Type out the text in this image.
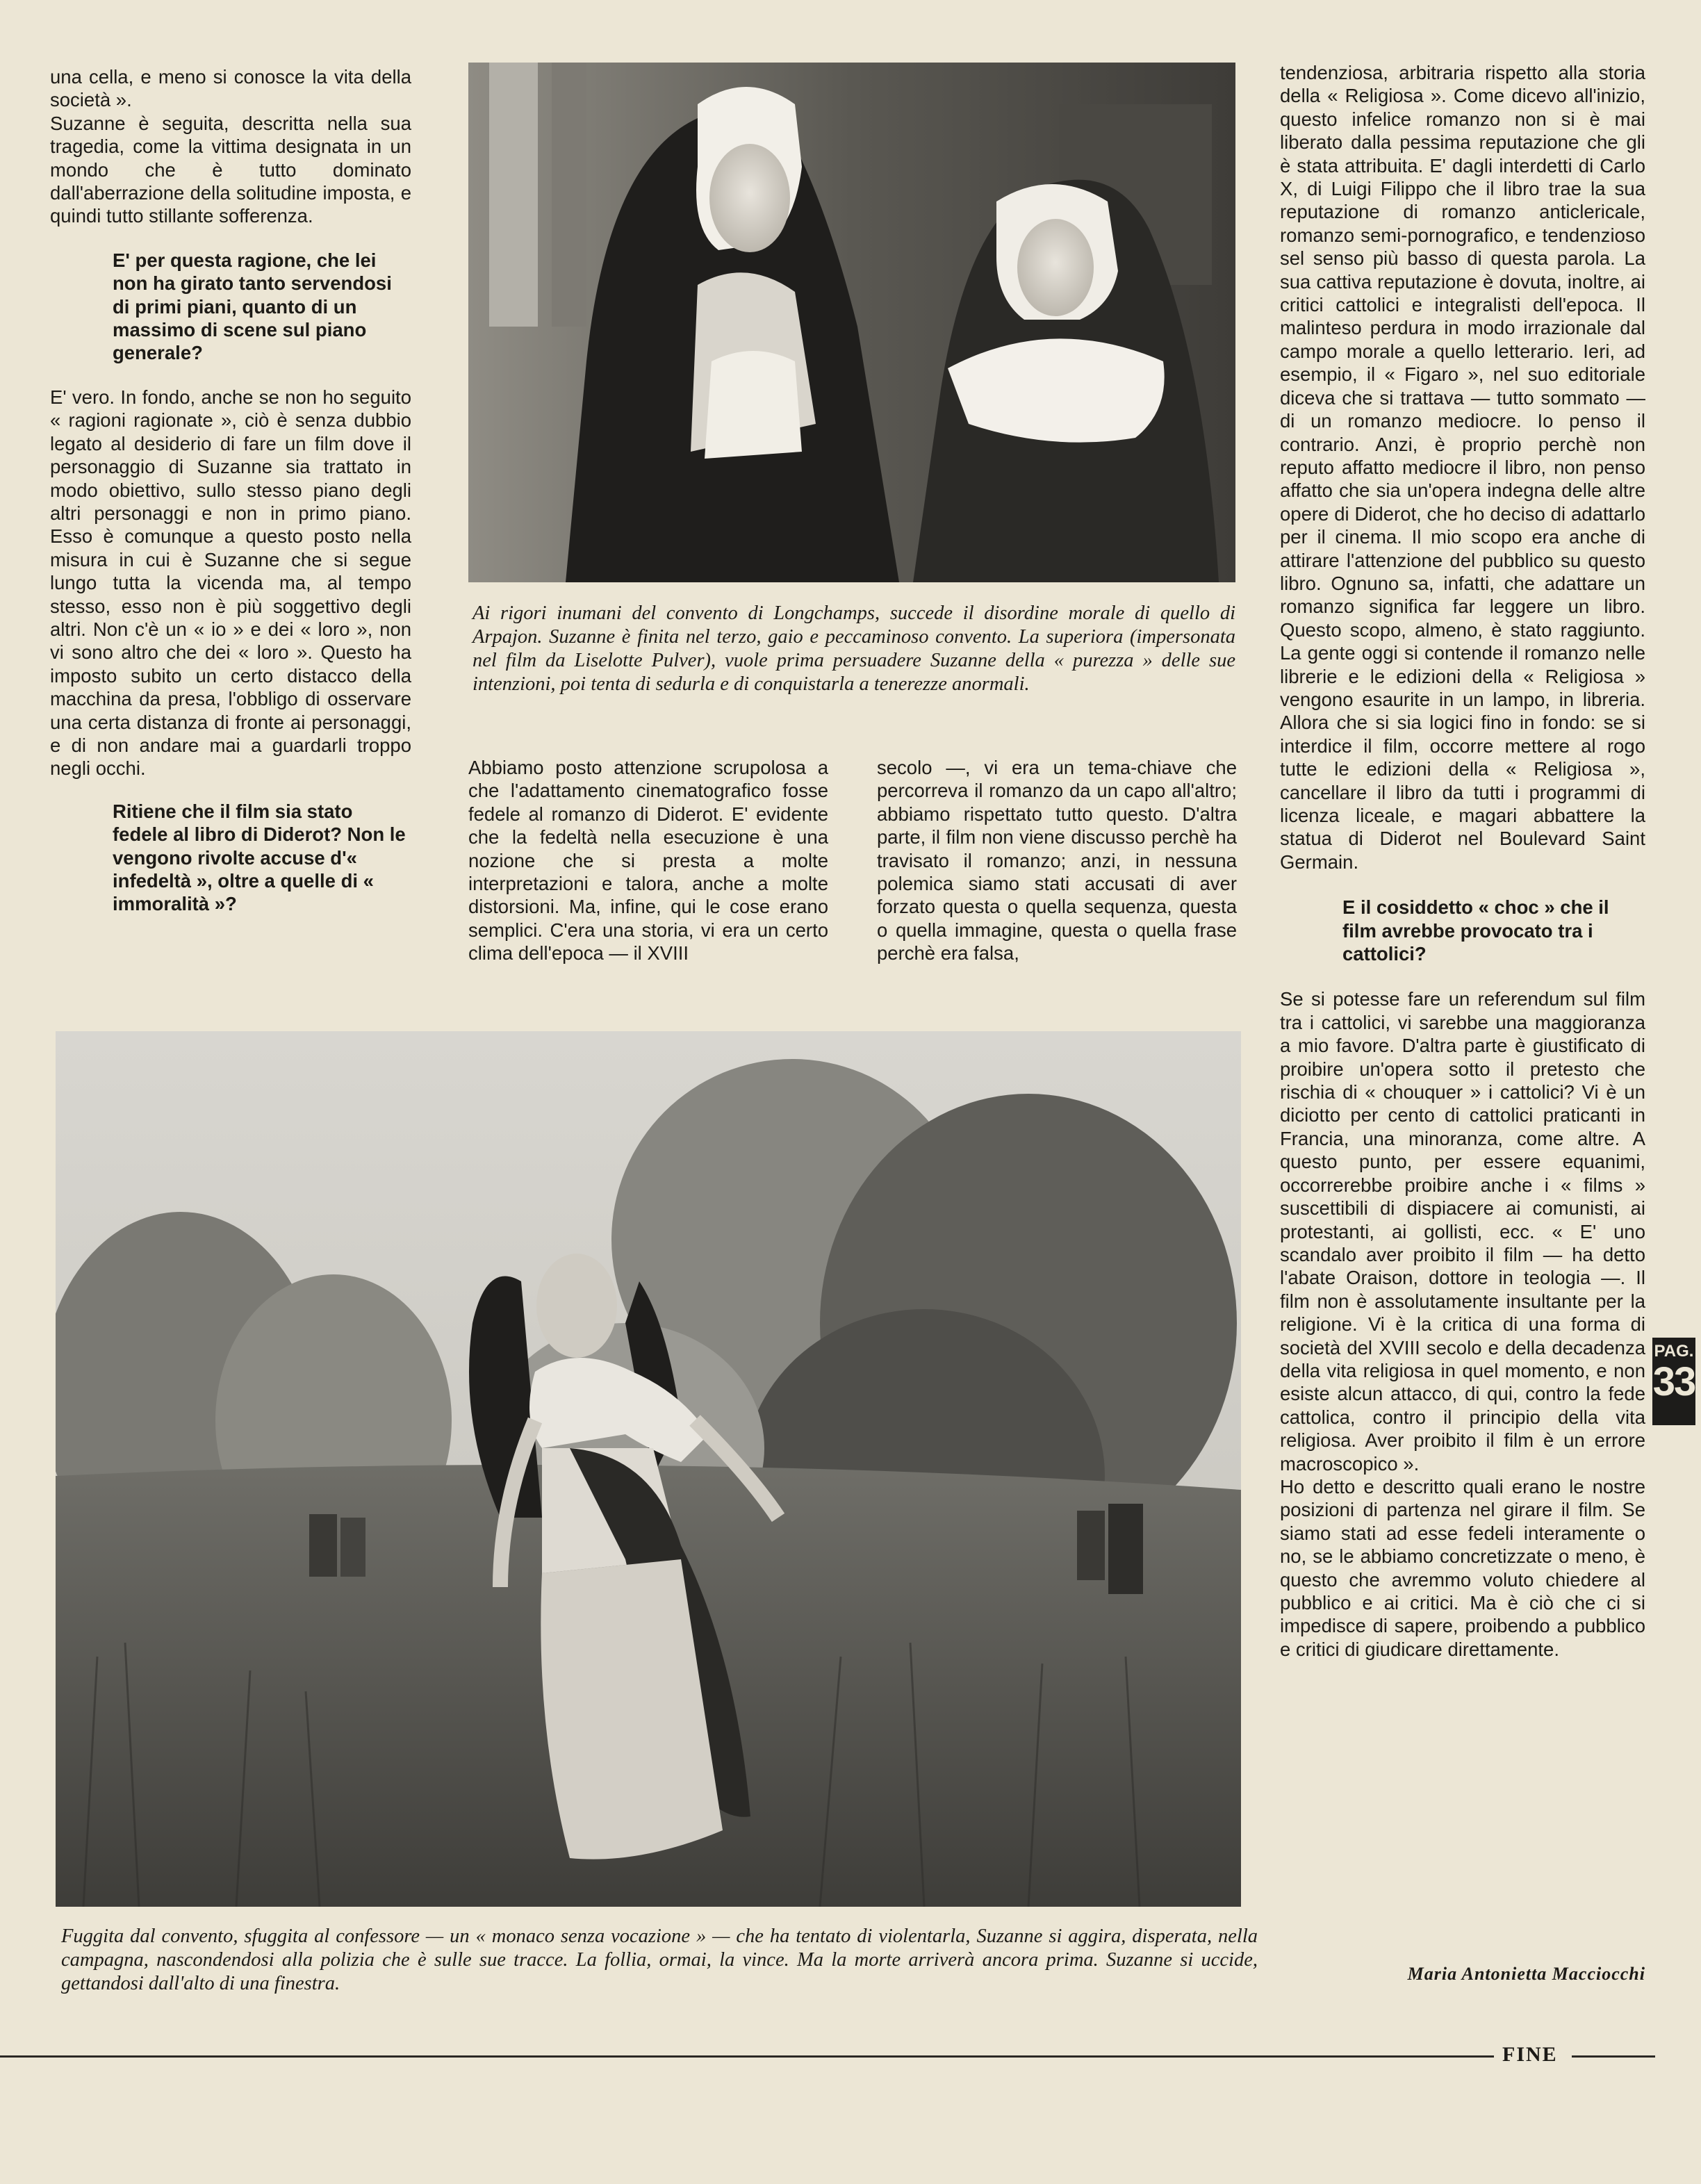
una cella, e meno si conosce la vita della società ».

Suzanne è seguita, descritta nella sua tragedia, come la vittima designata in un mondo che è tutto dominato dall'aberrazione della solitudine imposta, e quindi tutto stillante sofferenza.

E' per questa ragione, che lei non ha girato tanto servendosi di primi piani, quanto di un massimo di scene sul piano generale?

E' vero. In fondo, anche se non ho seguito « ragioni ragionate », ciò è senza dubbio legato al desiderio di fare un film dove il personaggio di Suzanne sia trattato in modo obiettivo, sullo stesso piano degli altri personaggi e non in primo piano. Esso è comunque a questo posto nella misura in cui è Suzanne che si segue lungo tutta la vicenda ma, al tempo stesso, esso non è più soggettivo degli altri. Non c'è un « io » e dei « loro », non vi sono altro che dei « loro ». Questo ha imposto subito un certo distacco della macchina da presa, l'obbligo di osservare una certa distanza di fronte ai personaggi, e di non andare mai a guardarli troppo negli occhi.

Ritiene che il film sia stato fedele al libro di Diderot? Non le vengono rivolte accuse d'« infedeltà », oltre a quelle di « immoralità »?

Ai rigori inumani del convento di Longchamps, succede il disordine morale di quello di Arpajon. Suzanne è finita nel terzo, gaio e peccaminoso convento. La superiora (impersonata nel film da Liselotte Pulver), vuole prima persuadere Suzanne della « purezza » delle sue intenzioni, poi tenta di sedurla e di conquistarla a tenerezze anormali.

Abbiamo posto attenzione scrupolosa a che l'adattamento cinematografico fosse fedele al romanzo di Diderot. E' evidente che la fedeltà nella esecuzione è una nozione che si presta a molte interpretazioni e talora, anche a molte distorsioni. Ma, infine, qui le cose erano semplici. C'era una storia, vi era un certo clima dell'epoca — il XVIII

secolo —, vi era un tema-chiave che percorreva il romanzo da un capo all'altro; abbiamo rispettato tutto questo. D'altra parte, il film non viene discusso perchè ha travisato il romanzo; anzi, in nessuna polemica siamo stati accusati di aver forzato questa o quella sequenza, questa o quella immagine, questa o quella frase perchè era falsa,

tendenziosa, arbitraria rispetto alla storia della « Religiosa ». Come dicevo all'inizio, questo infelice romanzo non si è mai liberato dalla pessima reputazione che gli è stata attribuita. E' dagli interdetti di Carlo X, di Luigi Filippo che il libro trae la sua reputazione di romanzo anticlericale, romanzo semi-pornografico, e tendenzioso sel senso più basso di questa parola. La sua cattiva reputazione è dovuta, inoltre, ai critici cattolici e integralisti dell'epoca. Il malinteso perdura in modo irrazionale dal campo morale a quello letterario. Ieri, ad esempio, il « Figaro », nel suo editoriale diceva che si trattava — tutto sommato — di un romanzo mediocre. Io penso il contrario. Anzi, è proprio perchè non reputo affatto mediocre il libro, non penso affatto che sia un'opera indegna delle altre opere di Diderot, che ho deciso di adattarlo per il cinema. Il mio scopo era anche di attirare l'attenzione del pubblico su questo libro. Ognuno sa, infatti, che adattare un romanzo significa far leggere un libro. Questo scopo, almeno, è stato raggiunto. La gente oggi si contende il romanzo nelle librerie e le edizioni della « Religiosa » vengono esaurite in un lampo, in libreria. Allora che si sia logici fino in fondo: se si interdice il film, occorre mettere al rogo tutte le edizioni della « Religiosa », cancellare il libro da tutti i programmi di licenza liceale, e magari abbattere la statua di Diderot nel Boulevard Saint Germain.

E il cosiddetto « choc » che il film avrebbe provocato tra i cattolici?

Se si potesse fare un referendum sul film tra i cattolici, vi sarebbe una maggioranza a mio favore. D'altra parte è giustificato di proibire un'opera sotto il pretesto che rischia di « chouquer » i cattolici? Vi è un diciotto per cento di cattolici praticanti in Francia, una minoranza, come altre. A questo punto, per essere equanimi, occorrerebbe proibire anche i « films » suscettibili di dispiacere ai comunisti, ai protestanti, ai gollisti, ecc. « E' uno scandalo aver proibito il film — ha detto l'abate Oraison, dottore in teologia —. Il film non è assolutamente insultante per la religione. Vi è la critica di una forma di società del XVIII secolo e della decadenza della vita religiosa in quel momento, e non esiste alcun attacco, di qui, contro la fede cattolica, contro il principio della vita religiosa. Aver proibito il film è un errore macroscopico ».

Ho detto e descritto quali erano le nostre posizioni di partenza nel girare il film. Se siamo stati ad esse fedeli interamente o no, se le abbiamo concretizzate o meno, è questo che avremmo voluto chiedere al pubblico e ai critici. Ma è ciò che ci si impedisce di sapere, proibendo a pubblico e critici di giudicare direttamente.

Maria Antonietta Macciocchi
Fuggita dal convento, sfuggita al confessore — un « monaco senza vocazione » — che ha tentato di violentarla, Suzanne si aggira, disperata, nella campagna, nascondendosi alla polizia che è sulle sue tracce. La follia, ormai, la vince. Ma la morte arriverà ancora prima. Suzanne si uccide, gettandosi dall'alto di una finestra.
PAG.
33
FINE
